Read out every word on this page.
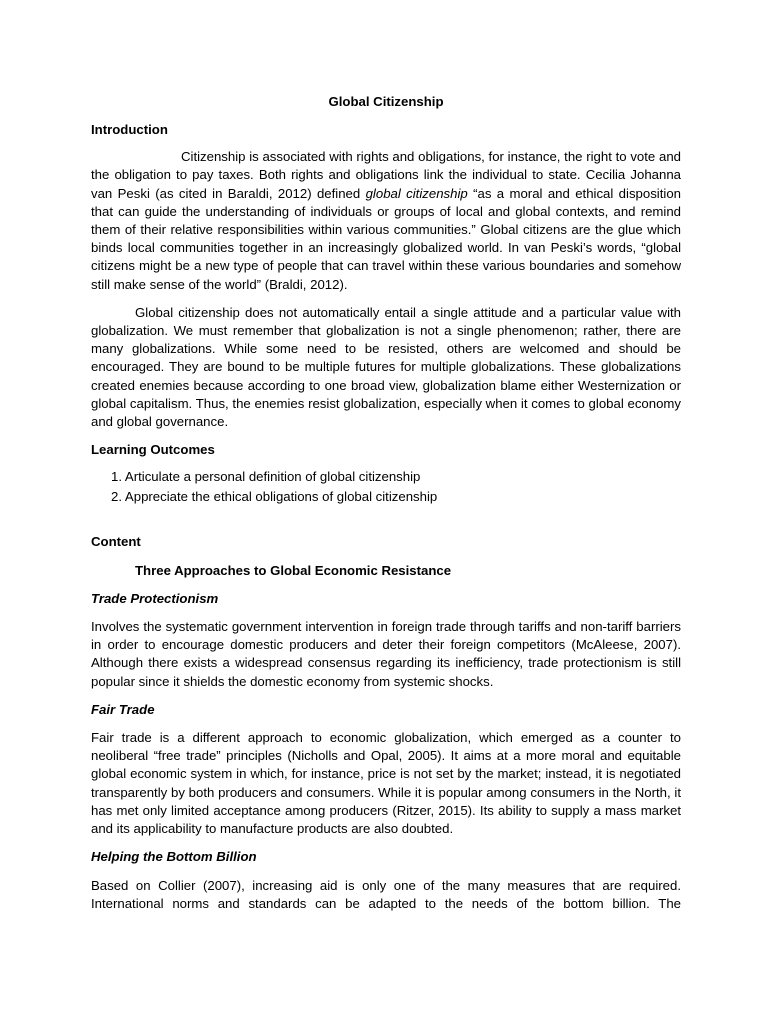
Global Citizenship

Introduction

Citizenship is associated with rights and obligations, for instance, the right to vote and the obligation to pay taxes. Both rights and obligations link the individual to state. Cecilia Johanna van Peski (as cited in Baraldi, 2012) defined global citizenship “as a moral and ethical disposition that can guide the understanding of individuals or groups of local and global contexts, and remind them of their relative responsibilities within various communities.” Global citizens are the glue which binds local communities together in an increasingly globalized world. In van Peski’s words, “global citizens might be a new type of people that can travel within these various boundaries and somehow still make sense of the world” (Braldi, 2012).

Global citizenship does not automatically entail a single attitude and a particular value with globalization. We must remember that globalization is not a single phenomenon; rather, there are many globalizations. While some need to be resisted, others are welcomed and should be encouraged. They are bound to be multiple futures for multiple globalizations. These globalizations created enemies because according to one broad view, globalization blame either Westernization or global capitalism. Thus, the enemies resist globalization, especially when it comes to global economy and global governance.

Learning Outcomes

1. Articulate a personal definition of global citizenship
2. Appreciate the ethical obligations of global citizenship

Content

Three Approaches to Global Economic Resistance

Trade Protectionism

Involves the systematic government intervention in foreign trade through tariffs and non-tariff barriers in order to encourage domestic producers and deter their foreign competitors (McAleese, 2007). Although there exists a widespread consensus regarding its inefficiency, trade protectionism is still popular since it shields the domestic economy from systemic shocks.

Fair Trade

Fair trade is a different approach to economic globalization, which emerged as a counter to neoliberal “free trade” principles (Nicholls and Opal, 2005). It aims at a more moral and equitable global economic system in which, for instance, price is not set by the market; instead, it is negotiated transparently by both producers and consumers. While it is popular among consumers in the North, it has met only limited acceptance among producers (Ritzer, 2015). Its ability to supply a mass market and its applicability to manufacture products are also doubted.

Helping the Bottom Billion

Based on Collier (2007), increasing aid is only one of the many measures that are required. International norms and standards can be adapted to the needs of the bottom billion. The
